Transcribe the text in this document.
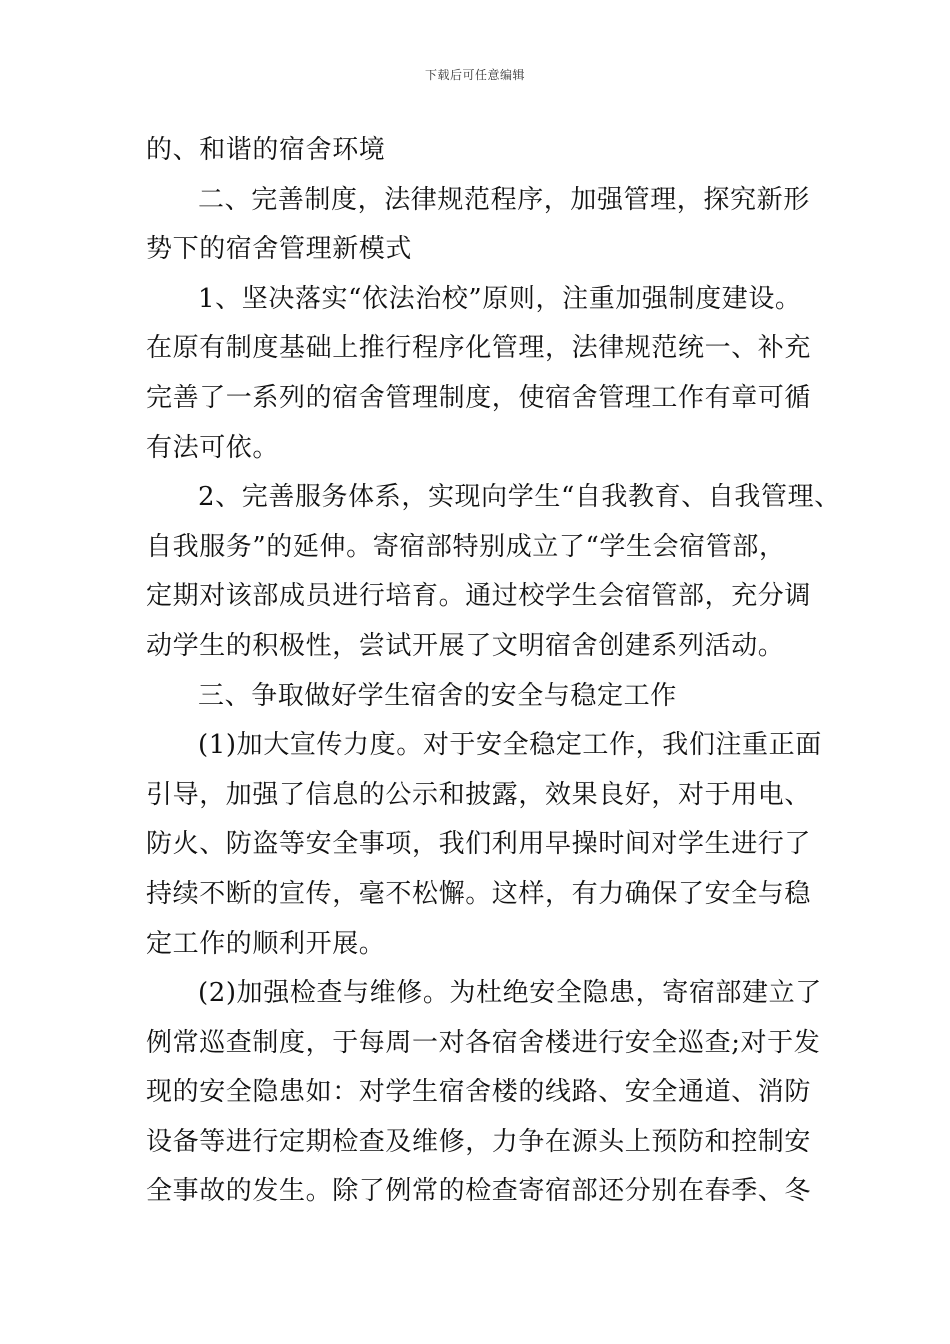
下载后可任意编辑
的、和谐的宿舍环境
二、完善制度，法律规范程序，加强管理，探究新形
势下的宿舍管理新模式
1、坚决落实“依法治校”原则，注重加强制度建设。
在原有制度基础上推行程序化管理，法律规范统一、补充
完善了一系列的宿舍管理制度，使宿舍管理工作有章可循
有法可依。
2、完善服务体系，实现向学生“自我教育、自我管理、
自我服务”的延伸。寄宿部特别成立了“学生会宿管部，
定期对该部成员进行培育。通过校学生会宿管部，充分调
动学生的积极性，尝试开展了文明宿舍创建系列活动。
三、争取做好学生宿舍的安全与稳定工作
(1)加大宣传力度。对于安全稳定工作，我们注重正面
引导，加强了信息的公示和披露，效果良好，对于用电、
防火、防盗等安全事项，我们利用早操时间对学生进行了
持续不断的宣传，毫不松懈。这样，有力确保了安全与稳
定工作的顺利开展。
(2)加强检查与维修。为杜绝安全隐患，寄宿部建立了
例常巡查制度，于每周一对各宿舍楼进行安全巡查;对于发
现的安全隐患如：对学生宿舍楼的线路、安全通道、消防
设备等进行定期检查及维修，力争在源头上预防和控制安
全事故的发生。除了例常的检查寄宿部还分别在春季、冬
